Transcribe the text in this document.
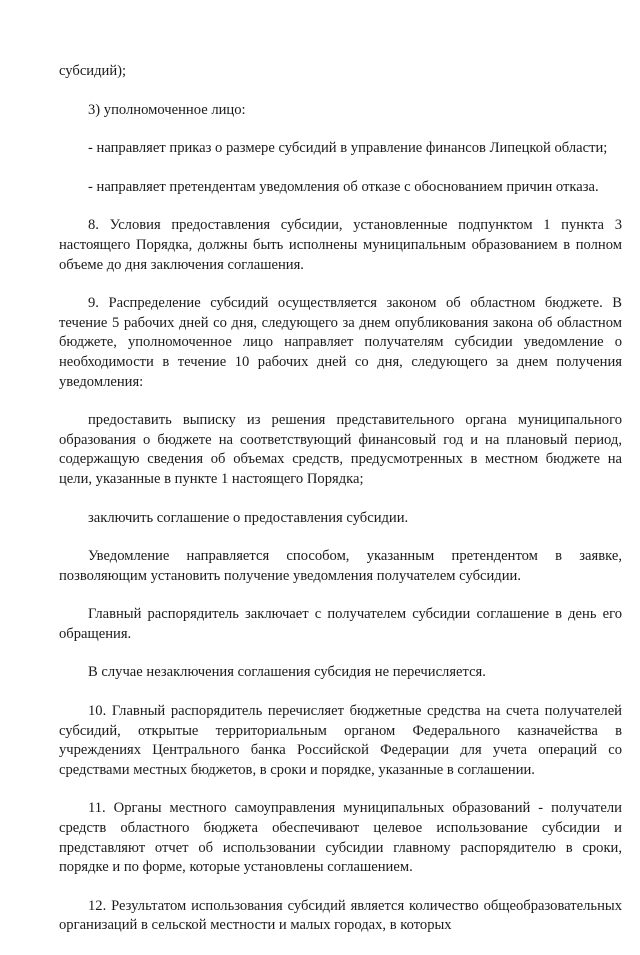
субсидий);

3) уполномоченное лицо:

- направляет приказ о размере субсидий в управление финансов Липецкой области;

- направляет претендентам уведомления об отказе с обоснованием причин отказа.

8. Условия предоставления субсидии, установленные подпунктом 1 пункта 3 настоящего Порядка, должны быть исполнены муниципальным образованием в полном объеме до дня заключения соглашения.

9. Распределение субсидий осуществляется законом об областном бюджете. В течение 5 рабочих дней со дня, следующего за днем опубликования закона об областном бюджете, уполномоченное лицо направляет получателям субсидии уведомление о необходимости в течение 10 рабочих дней со дня, следующего за днем получения уведомления:

предоставить выписку из решения представительного органа муниципального образования о бюджете на соответствующий финансовый год и на плановый период, содержащую сведения об объемах средств, предусмотренных в местном бюджете на цели, указанные в пункте 1 настоящего Порядка;

заключить соглашение о предоставления субсидии.

Уведомление направляется способом, указанным претендентом в заявке, позволяющим установить получение уведомления получателем субсидии.

Главный распорядитель заключает с получателем субсидии соглашение в день его обращения.

В случае незаключения соглашения субсидия не перечисляется.

10. Главный распорядитель перечисляет бюджетные средства на счета получателей субсидий, открытые территориальным органом Федерального казначейства в учреждениях Центрального банка Российской Федерации для учета операций со средствами местных бюджетов, в сроки и порядке, указанные в соглашении.

11. Органы местного самоуправления муниципальных образований - получатели средств областного бюджета обеспечивают целевое использование субсидии и представляют отчет об использовании субсидии главному распорядителю в сроки, порядке и по форме, которые установлены соглашением.

12. Результатом использования субсидий является количество общеобразовательных организаций в сельской местности и малых городах, в которых
